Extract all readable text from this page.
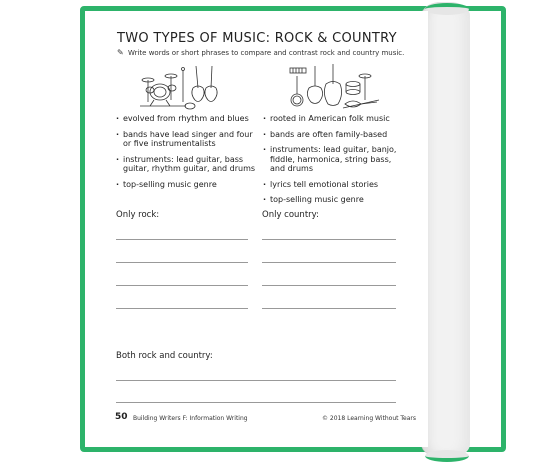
TWO TYPES OF MUSIC: ROCK & COUNTRY
✎ Write words or short phrases to compare and contrast rock and country music.
· evolved from rhythm and blues
· bands have lead singer and four or five instrumentalists
· instruments: lead guitar, bass guitar, rhythm guitar, and drums
· top-selling music genre
· rooted in American folk music
· bands are often family-based
· instruments: lead guitar, banjo, fiddle, harmonica, string bass, and drums
· lyrics tell emotional stories
· top-selling music genre
Only rock:	Only country:
Both rock and country:
50 Building Writers F: Information Writing	© 2018 Learning Without Tears
